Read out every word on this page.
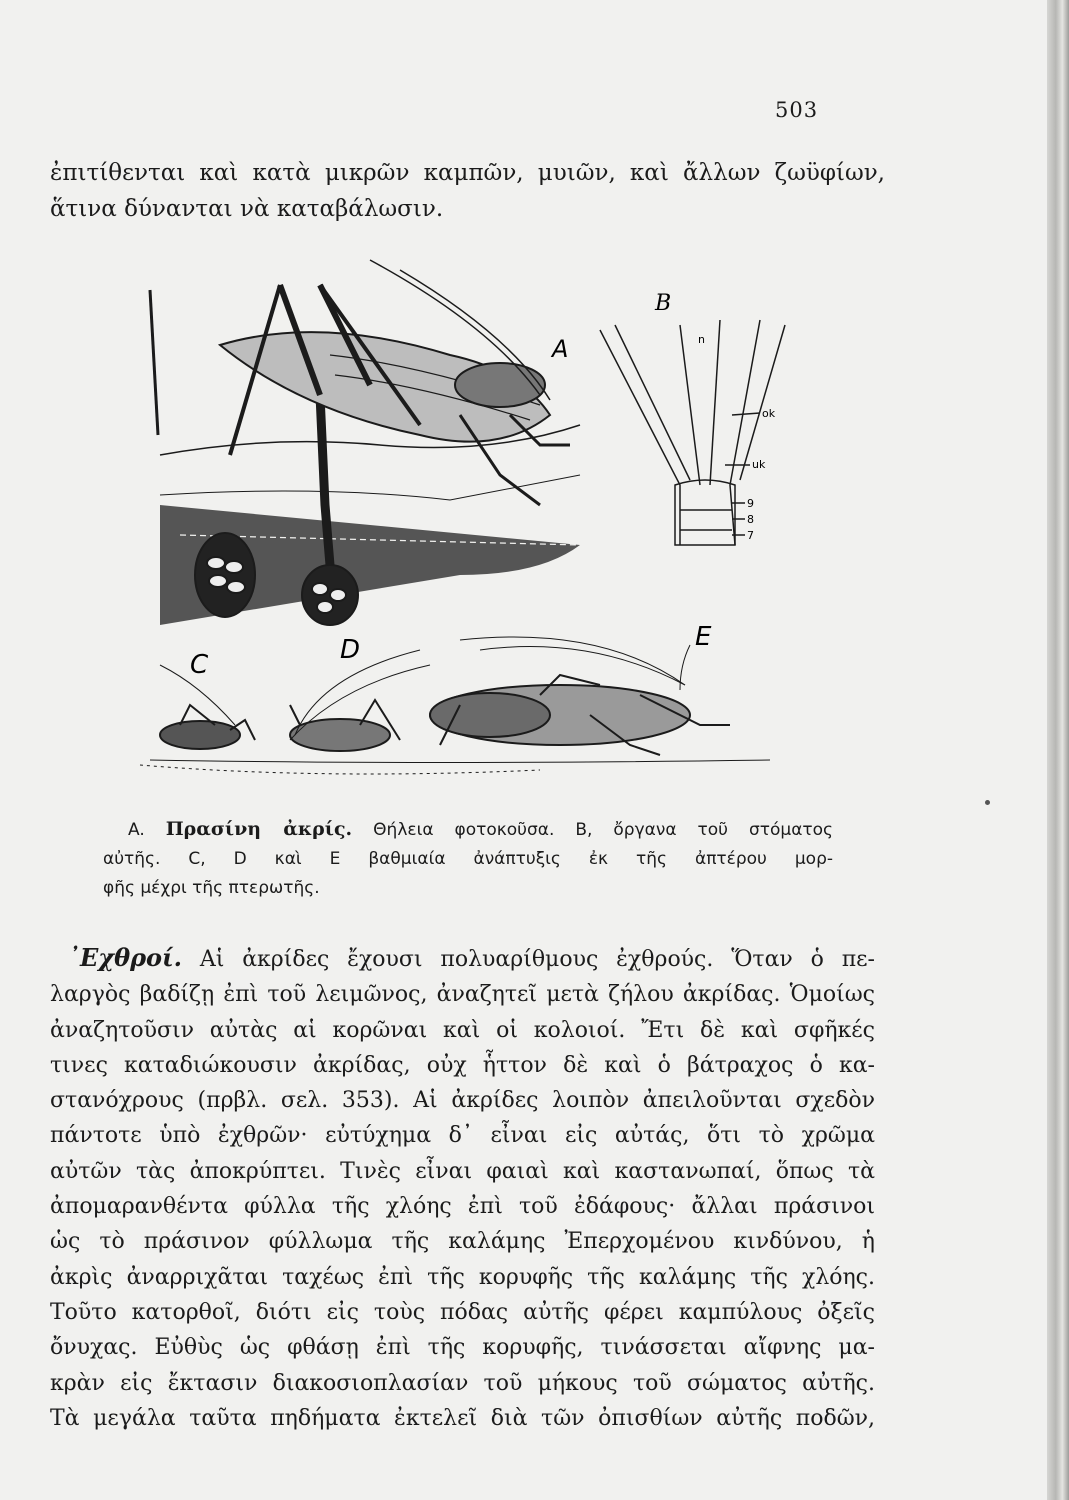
503
ἐπιτίθενται καὶ κατὰ μικρῶν καμπῶν, μυιῶν, καὶ ἄλλων ζωϋφίων,
ἅτινα δύνανται νὰ καταβάλωσιν.
A
B
n
ok
uk
9
8
7
C	D	E
A. Πρασίνη ἀκρίς. Θήλεια φοτοκοῦσα. B, ὄργανα τοῦ στόματος
αὐτῆς. C, D καὶ E βαθμιαία ἀνάπτυξις ἐκ τῆς ἀπτέρου μορ-
φῆς μέχρι τῆς πτερωτῆς.
᾿Εχθροί. Αἱ ἀκρίδες ἔχουσι πολυαρίθμους ἐχθρούς. Ὅταν ὁ πε-
λαργὸς βαδίζῃ ἐπὶ τοῦ λειμῶνος, ἀναζητεῖ μετὰ ζήλου ἀκρίδας. Ὁμοίως
ἀναζητοῦσιν αὐτὰς αἱ κορῶναι καὶ οἱ κολοιοί. Ἔτι δὲ καὶ σφῆκές
τινες καταδιώκουσιν ἀκρίδας, οὐχ ἧττον δὲ καὶ ὁ βάτραχος ὁ κα-
στανόχρους (πρβλ. σελ. 353). Αἱ ἀκρίδες λοιπὸν ἀπειλοῦνται σχεδὸν
πάντοτε ὑπὸ ἐχθρῶν· εὐτύχημα δ᾿ εἶναι εἰς αὐτάς, ὅτι τὸ χρῶμα
αὐτῶν τὰς ἀποκρύπτει. Τινὲς εἶναι φαιαὶ καὶ καστανωπαί, ὅπως τὰ
ἀπομαρανθέντα φύλλα τῆς χλόης ἐπὶ τοῦ ἐδάφους· ἄλλαι πράσινοι
ὡς τὸ πράσινον φύλλωμα τῆς καλάμης Ἐπερχομένου κινδύνου, ἡ
ἀκρὶς ἀναρριχᾶται ταχέως ἐπὶ τῆς κορυφῆς τῆς καλάμης τῆς χλόης.
Τοῦτο κατορθοῖ, διότι εἰς τοὺς πόδας αὐτῆς φέρει καμπύλους ὀξεῖς
ὄνυχας. Εὐθὺς ὡς φθάσῃ ἐπὶ τῆς κορυφῆς, τινάσσεται αἴφνης μα-
κρὰν εἰς ἔκτασιν διακοσιοπλασίαν τοῦ μήκους τοῦ σώματος αὐτῆς.
Τὰ μεγάλα ταῦτα πηδήματα ἐκτελεῖ διὰ τῶν ὀπισθίων αὐτῆς ποδῶν,
